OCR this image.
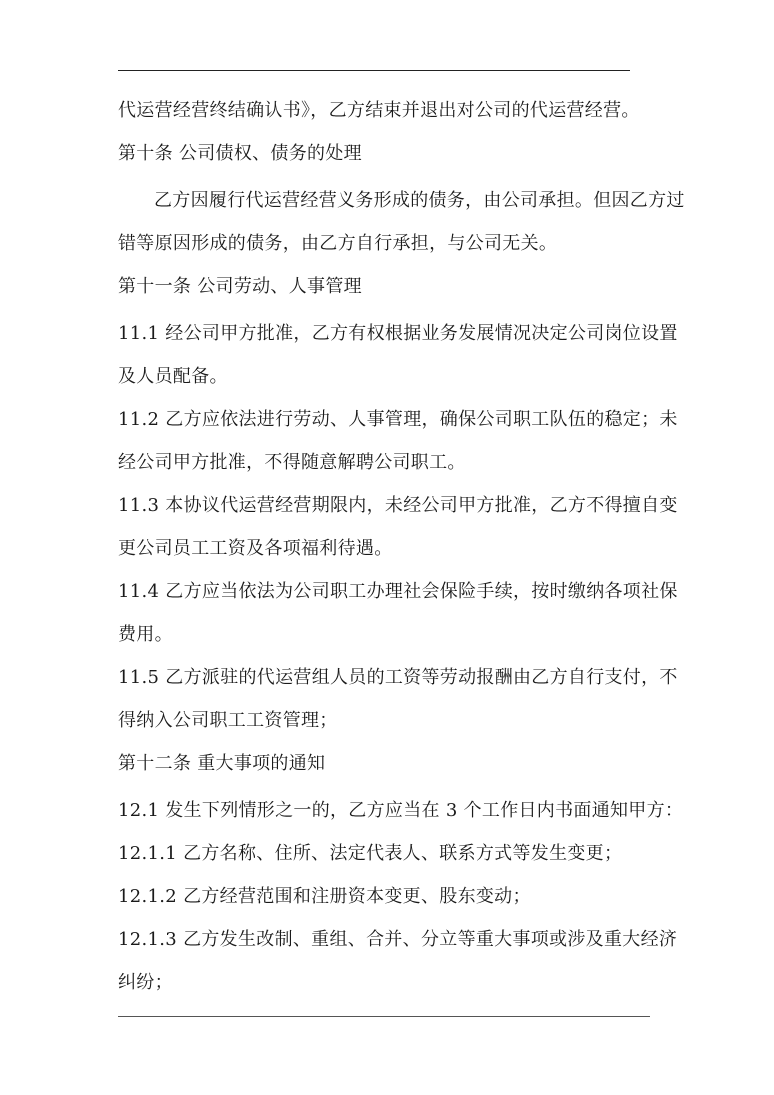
代运营经营终结确认书》，乙方结束并退出对公司的代运营经营。
第十条 公司债权、债务的处理
乙方因履行代运营经营义务形成的债务，由公司承担。但因乙方过
错等原因形成的债务，由乙方自行承担，与公司无关。
第十一条 公司劳动、人事管理
11.1 经公司甲方批准，乙方有权根据业务发展情况决定公司岗位设置
及人员配备。
11.2 乙方应依法进行劳动、人事管理，确保公司职工队伍的稳定；未
经公司甲方批准，不得随意解聘公司职工。
11.3 本协议代运营经营期限内，未经公司甲方批准，乙方不得擅自变
更公司员工工资及各项福利待遇。
11.4 乙方应当依法为公司职工办理社会保险手续，按时缴纳各项社保
费用。
11.5 乙方派驻的代运营组人员的工资等劳动报酬由乙方自行支付，不
得纳入公司职工工资管理；
第十二条 重大事项的通知
12.1 发生下列情形之一的，乙方应当在 3 个工作日内书面通知甲方：
12.1.1 乙方名称、住所、法定代表人、联系方式等发生变更；
12.1.2 乙方经营范围和注册资本变更、股东变动；
12.1.3 乙方发生改制、重组、合并、分立等重大事项或涉及重大经济
纠纷；
